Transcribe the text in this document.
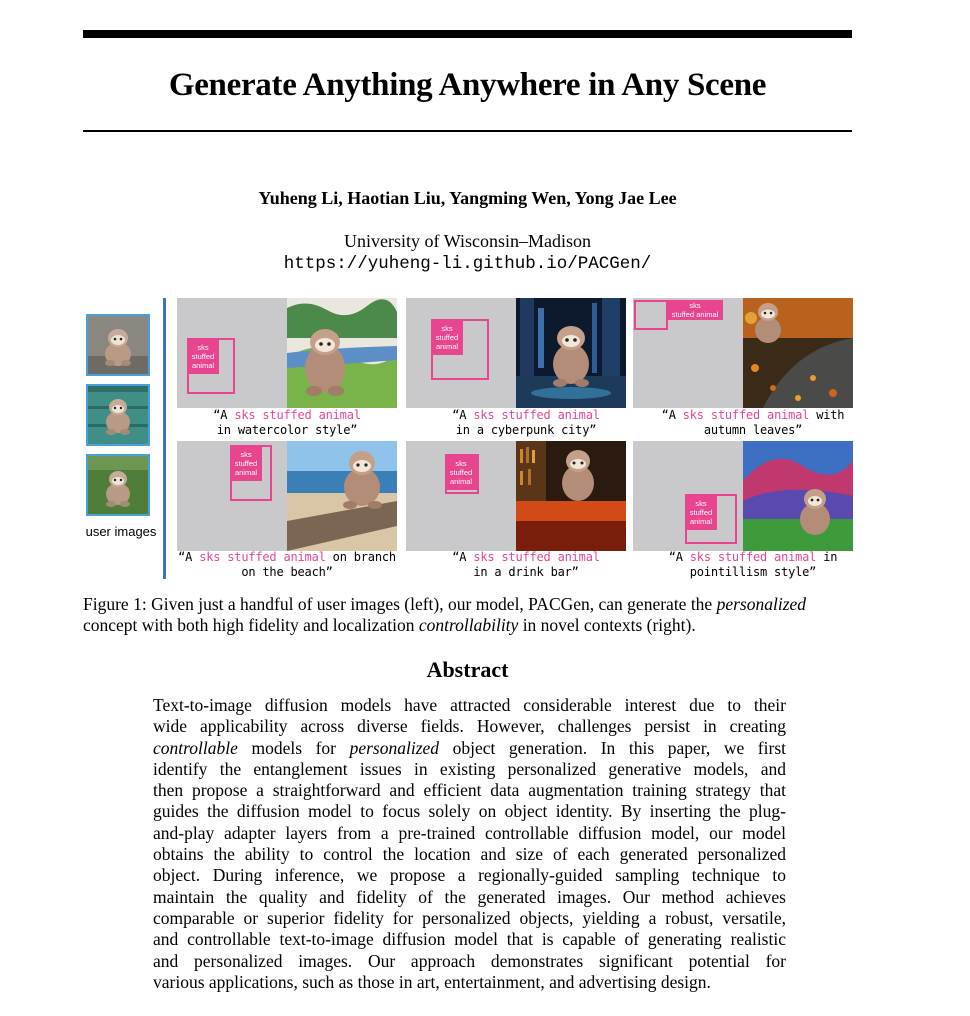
Generate Anything Anywhere in Any Scene
Yuheng Li, Haotian Liu, Yangming Wen, Yong Jae Lee
University of Wisconsin–Madison
https://yuheng-li.github.io/PACGen/
user images
sks
stuffed
animal
“A sks stuffed animal
in watercolor style”
sks
stuffed
animal
“A sks stuffed animal
in a cyberpunk city”
sks
stuffed animal
“A sks stuffed animal with
autumn leaves”
sks
stuffed
animal
“A sks stuffed animal on branch
on the beach”
sks
stuffed
animal
“A sks stuffed animal
in a drink bar”
sks
stuffed
animal
“A sks stuffed animal in
pointillism style”
Figure 1: Given just a handful of user images (left), our model, PACGen, can generate the personalized
concept with both high fidelity and localization controllability in novel contexts (right).
Abstract
Text-to-image diffusion models have attracted considerable interest due to their
wide applicability across diverse fields. However, challenges persist in creating
controllable models for personalized object generation. In this paper, we first
identify the entanglement issues in existing personalized generative models, and
then propose a straightforward and efficient data augmentation training strategy that
guides the diffusion model to focus solely on object identity. By inserting the plug-
and-play adapter layers from a pre-trained controllable diffusion model, our model
obtains the ability to control the location and size of each generated personalized
object. During inference, we propose a regionally-guided sampling technique to
maintain the quality and fidelity of the generated images. Our method achieves
comparable or superior fidelity for personalized objects, yielding a robust, versatile,
and controllable text-to-image diffusion model that is capable of generating realistic
and personalized images. Our approach demonstrates significant potential for
various applications, such as those in art, entertainment, and advertising design.
